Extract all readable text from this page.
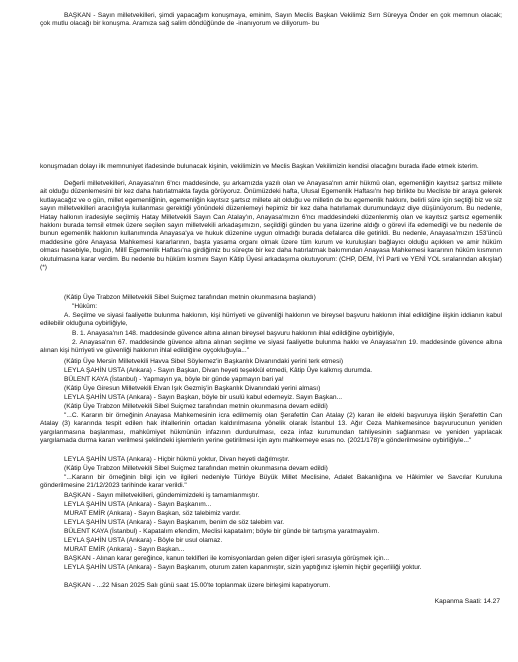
BAŞKAN - Sayın milletvekilleri, şimdi yapacağım konuşmaya, eminim, Sayın Meclis Başkan Vekilimiz Sırrı Süreyya Önder en çok memnun olacak; çok mutlu olacağı bir konuşma. Aramıza sağ salim döndüğünde de -inanıyorum ve diliyorum- bu

konuşmadan dolayı ilk memnuniyet ifadesinde bulunacak kişinin, vekilimizin ve Meclis Başkan Vekilimizin kendisi olacağını burada ifade etmek isterim.

Değerli milletvekilleri, Anayasa'nın 6'ncı maddesinde, şu arkamızda yazılı olan ve Anayasa'nın amir hükmü olan, egemenliğin kayıtsız şartsız millete ait olduğu düzenlemesini bir kez daha hatırlatmakta fayda görüyoruz. Önümüzdeki hafta, Ulusal Egemenlik Haftası'nı hep birlikte bu Mecliste bir araya gelerek kutlayacağız ve o gün, millet egemenliğinin, egemenliğin kayıtsız şartsız millete ait olduğu ve milletin de bu egemenlik hakkını, belirli süre için seçtiği biz ve siz sayın milletvekilleri aracılığıyla kullanması gerektiği yönündeki düzenlemeyi hepimiz bir kez daha hatırlamak durumundayız diye düşünüyorum. Bu nedenle, Hatay halkının iradesiyle seçilmiş Hatay Milletvekili Sayın Can Atalay'ın, Anayasa'mızın 6'ncı maddesindeki düzenlenmiş olan ve kayıtsız şartsız egemenlik hakkını burada temsil etmek üzere seçilen sayın milletvekili arkadaşımızın, seçildiği günden bu yana üzerine aldığı o görevi ifa edemediği ve bu nedenle de bunun egemenlik hakkının kullanımında Anayasa'ya ve hukuk düzenine uygun olmadığı burada defalarca dile getirildi. Bu nedenle, Anayasa'mızın 153'üncü maddesine göre Anayasa Mahkemesi kararlarının, başta yasama organı olmak üzere tüm kurum ve kuruluşları bağlayıcı olduğu açıkken ve amir hüküm olması hasebiyle, bugün, Millî Egemenlik Haftası'na girdiğimiz bu süreçte bir kez daha hatırlatmak bakımından Anayasa Mahkemesi kararının hüküm kısmının okutulmasına karar verdim. Bu nedenle bu hüküm kısmını Sayın Kâtip Üyesi arkadaşıma okutuyorum: (CHP, DEM, İYİ Parti ve YENİ YOL sıralarından alkışlar) (*)

(Kâtip Üye Trabzon Milletvekili Sibel Suiçmez tarafından metnin okunmasına başlandı)
"Hüküm:

A. Seçilme ve siyasi faaliyette bulunma hakkının, kişi hürriyeti ve güvenliği hakkının ve bireysel başvuru hakkının ihlal edildiğine ilişkin iddianın kabul edilebilir olduğuna oybirliğiyle,

B. 1. Anayasa'nın 148. maddesinde güvence altına alınan bireysel başvuru hakkının ihlal edildiğine oybirliğiyle,

2. Anayasa'nın 67. maddesinde güvence altına alınan seçilme ve siyasi faaliyette bulunma hakkı ve Anayasa'nın 19. maddesinde güvence altına alınan kişi hürriyeti ve güvenliği hakkının ihlal edildiğine oyçokluğuyla..."

(Kâtip Üye Mersin Milletvekili Havva Sibel Söylemez'in Başkanlık Divanındaki yerini terk etmesi)
LEYLA ŞAHİN USTA (Ankara) - Sayın Başkan, Divan heyeti teşekkül etmedi, Kâtip Üye kalkmış durumda.
BÜLENT KAYA (İstanbul) - Yapmayın ya, böyle bir günde yapmayın bari ya!
(Kâtip Üye Giresun Milletvekili Elvan Işık Gezmiş'in Başkanlık Divanındaki yerini alması)
LEYLA ŞAHİN USTA (Ankara) - Sayın Başkan, böyle bir usulü kabul edemeyiz. Sayın Başkan...
(Kâtip Üye Trabzon Milletvekili Sibel Suiçmez tarafından metnin okunmasına devam edildi)

"...C. Kararın bir örneğinin Anayasa Mahkemesinin icra edilmemiş olan Şerafettin Can Atalay (2) kararı ile eldeki başvuruya ilişkin Şerafettin Can Atalay (3) kararında tespit edilen hak ihlallerinin ortadan kaldırılmasına yönelik olarak İstanbul 13. Ağır Ceza Mahkemesince başvurucunun yeniden yargılanmasına başlanması, mahkûmiyet hükmünün infazının durdurulması, ceza infaz kurumundan tahliyesinin sağlanması ve yeniden yapılacak yargılamada durma kararı verilmesi şeklindeki işlemlerin yerine getirilmesi için aynı mahkemeye esas no. (2021/178)'e gönderilmesine oybirliğiyle..."

LEYLA ŞAHİN USTA (Ankara) - Hiçbir hükmü yoktur, Divan heyeti dağılmıştır.
(Kâtip Üye Trabzon Milletvekili Sibel Suiçmez tarafından metnin okunmasına devam edildi)

"...Kararın bir örneğinin bilgi için ve ilgileri nedeniyle Türkiye Büyük Millet Meclisine, Adalet Bakanlığına ve Hâkimler ve Savcılar Kuruluna gönderilmesine 21/12/2023 tarihinde karar verildi."

BAŞKAN - Sayın milletvekilleri, gündemimizdeki iş tamamlanmıştır.
LEYLA ŞAHİN USTA (Ankara) - Sayın Başkanım...
MURAT EMİR (Ankara) - Sayın Başkan, söz talebimiz vardır.
LEYLA ŞAHİN USTA (Ankara) - Sayın Başkanım, benim de söz talebim var.
BÜLENT KAYA (İstanbul) - Kapatalım efendim, Meclisi kapatalım; böyle bir günde bir tartışma yaratmayalım.
LEYLA ŞAHİN USTA (Ankara) - Böyle bir usul olamaz.
MURAT EMİR (Ankara) - Sayın Başkan...
BAŞKAN - Alınan karar gereğince, kanun teklifleri ile komisyonlardan gelen diğer işleri sırasıyla görüşmek için...

LEYLA ŞAHİN USTA (Ankara) - Sayın Başkanım, oturum zaten kapanmıştır, sizin yaptığınız işlemin hiçbir geçerliliği yoktur.

BAŞKAN - ...22 Nisan 2025 Salı günü saat 15.00'te toplanmak üzere birleşimi kapatıyorum.
Kapanma Saati: 14.27
